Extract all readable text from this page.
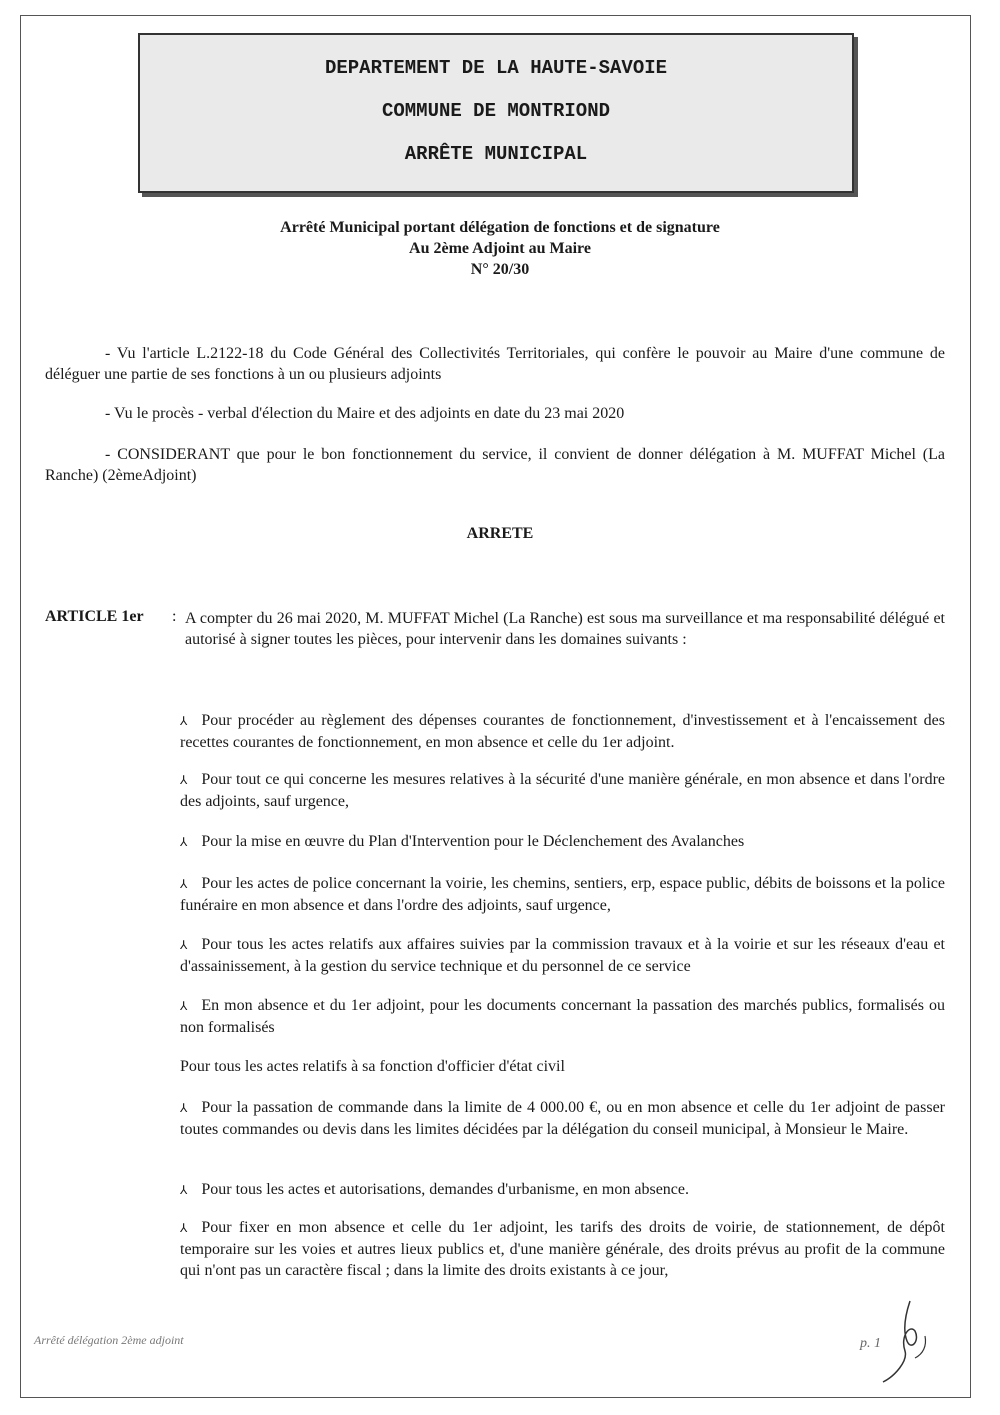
DEPARTEMENT DE LA HAUTE-SAVOIE
COMMUNE DE MONTRIOND
ARRÊTE MUNICIPAL
Arrêté Municipal portant délégation de fonctions et de signature
Au 2ème Adjoint au Maire
N° 20/30
- Vu l'article L.2122-18 du Code Général des Collectivités Territoriales, qui confère le pouvoir au Maire d'une commune de déléguer une partie de ses fonctions à un ou plusieurs adjoints
- Vu le procès - verbal d'élection du Maire et des adjoints en date du 23 mai 2020
- CONSIDERANT que pour le bon fonctionnement du service, il convient de donner délégation à M. MUFFAT Michel (La Ranche) (2èmeAdjoint)
ARRETE
ARTICLE 1er : A compter du 26 mai 2020, M. MUFFAT Michel (La Ranche) est sous ma surveillance et ma responsabilité délégué et autorisé à signer toutes les pièces, pour intervenir dans les domaines suivants :
⅄ Pour procéder au règlement des dépenses courantes de fonctionnement, d'investissement et à l'encaissement des recettes courantes de fonctionnement, en mon absence et celle du 1er adjoint.
⅄ Pour tout ce qui concerne les mesures relatives à la sécurité d'une manière générale, en mon absence et dans l'ordre des adjoints, sauf urgence,
⅄ Pour la mise en œuvre du Plan d'Intervention pour le Déclenchement des Avalanches
⅄ Pour les actes de police concernant la voirie, les chemins, sentiers, erp, espace public, débits de boissons et la police funéraire en mon absence et dans l'ordre des adjoints, sauf urgence,
⅄ Pour tous les actes relatifs aux affaires suivies par la commission travaux et à la voirie et sur les réseaux d'eau et d'assainissement, à la gestion du service technique et du personnel de ce service
⅄ En mon absence et du 1er adjoint, pour les documents concernant la passation des marchés publics, formalisés ou non formalisés
Pour tous les actes relatifs à sa fonction d'officier d'état civil
⅄ Pour la passation de commande dans la limite de 4 000.00 €, ou en mon absence et celle du 1er adjoint de passer toutes commandes ou devis dans les limites décidées par la délégation du conseil municipal, à Monsieur le Maire.
⅄ Pour tous les actes et autorisations, demandes d'urbanisme, en mon absence.
⅄ Pour fixer en mon absence et celle du 1er adjoint, les tarifs des droits de voirie, de stationnement, de dépôt temporaire sur les voies et autres lieux publics et, d'une manière générale, des droits prévus au profit de la commune qui n'ont pas un caractère fiscal ; dans la limite des droits existants à ce jour,
Arrêté délégation 2ème adjoint	p. 1
